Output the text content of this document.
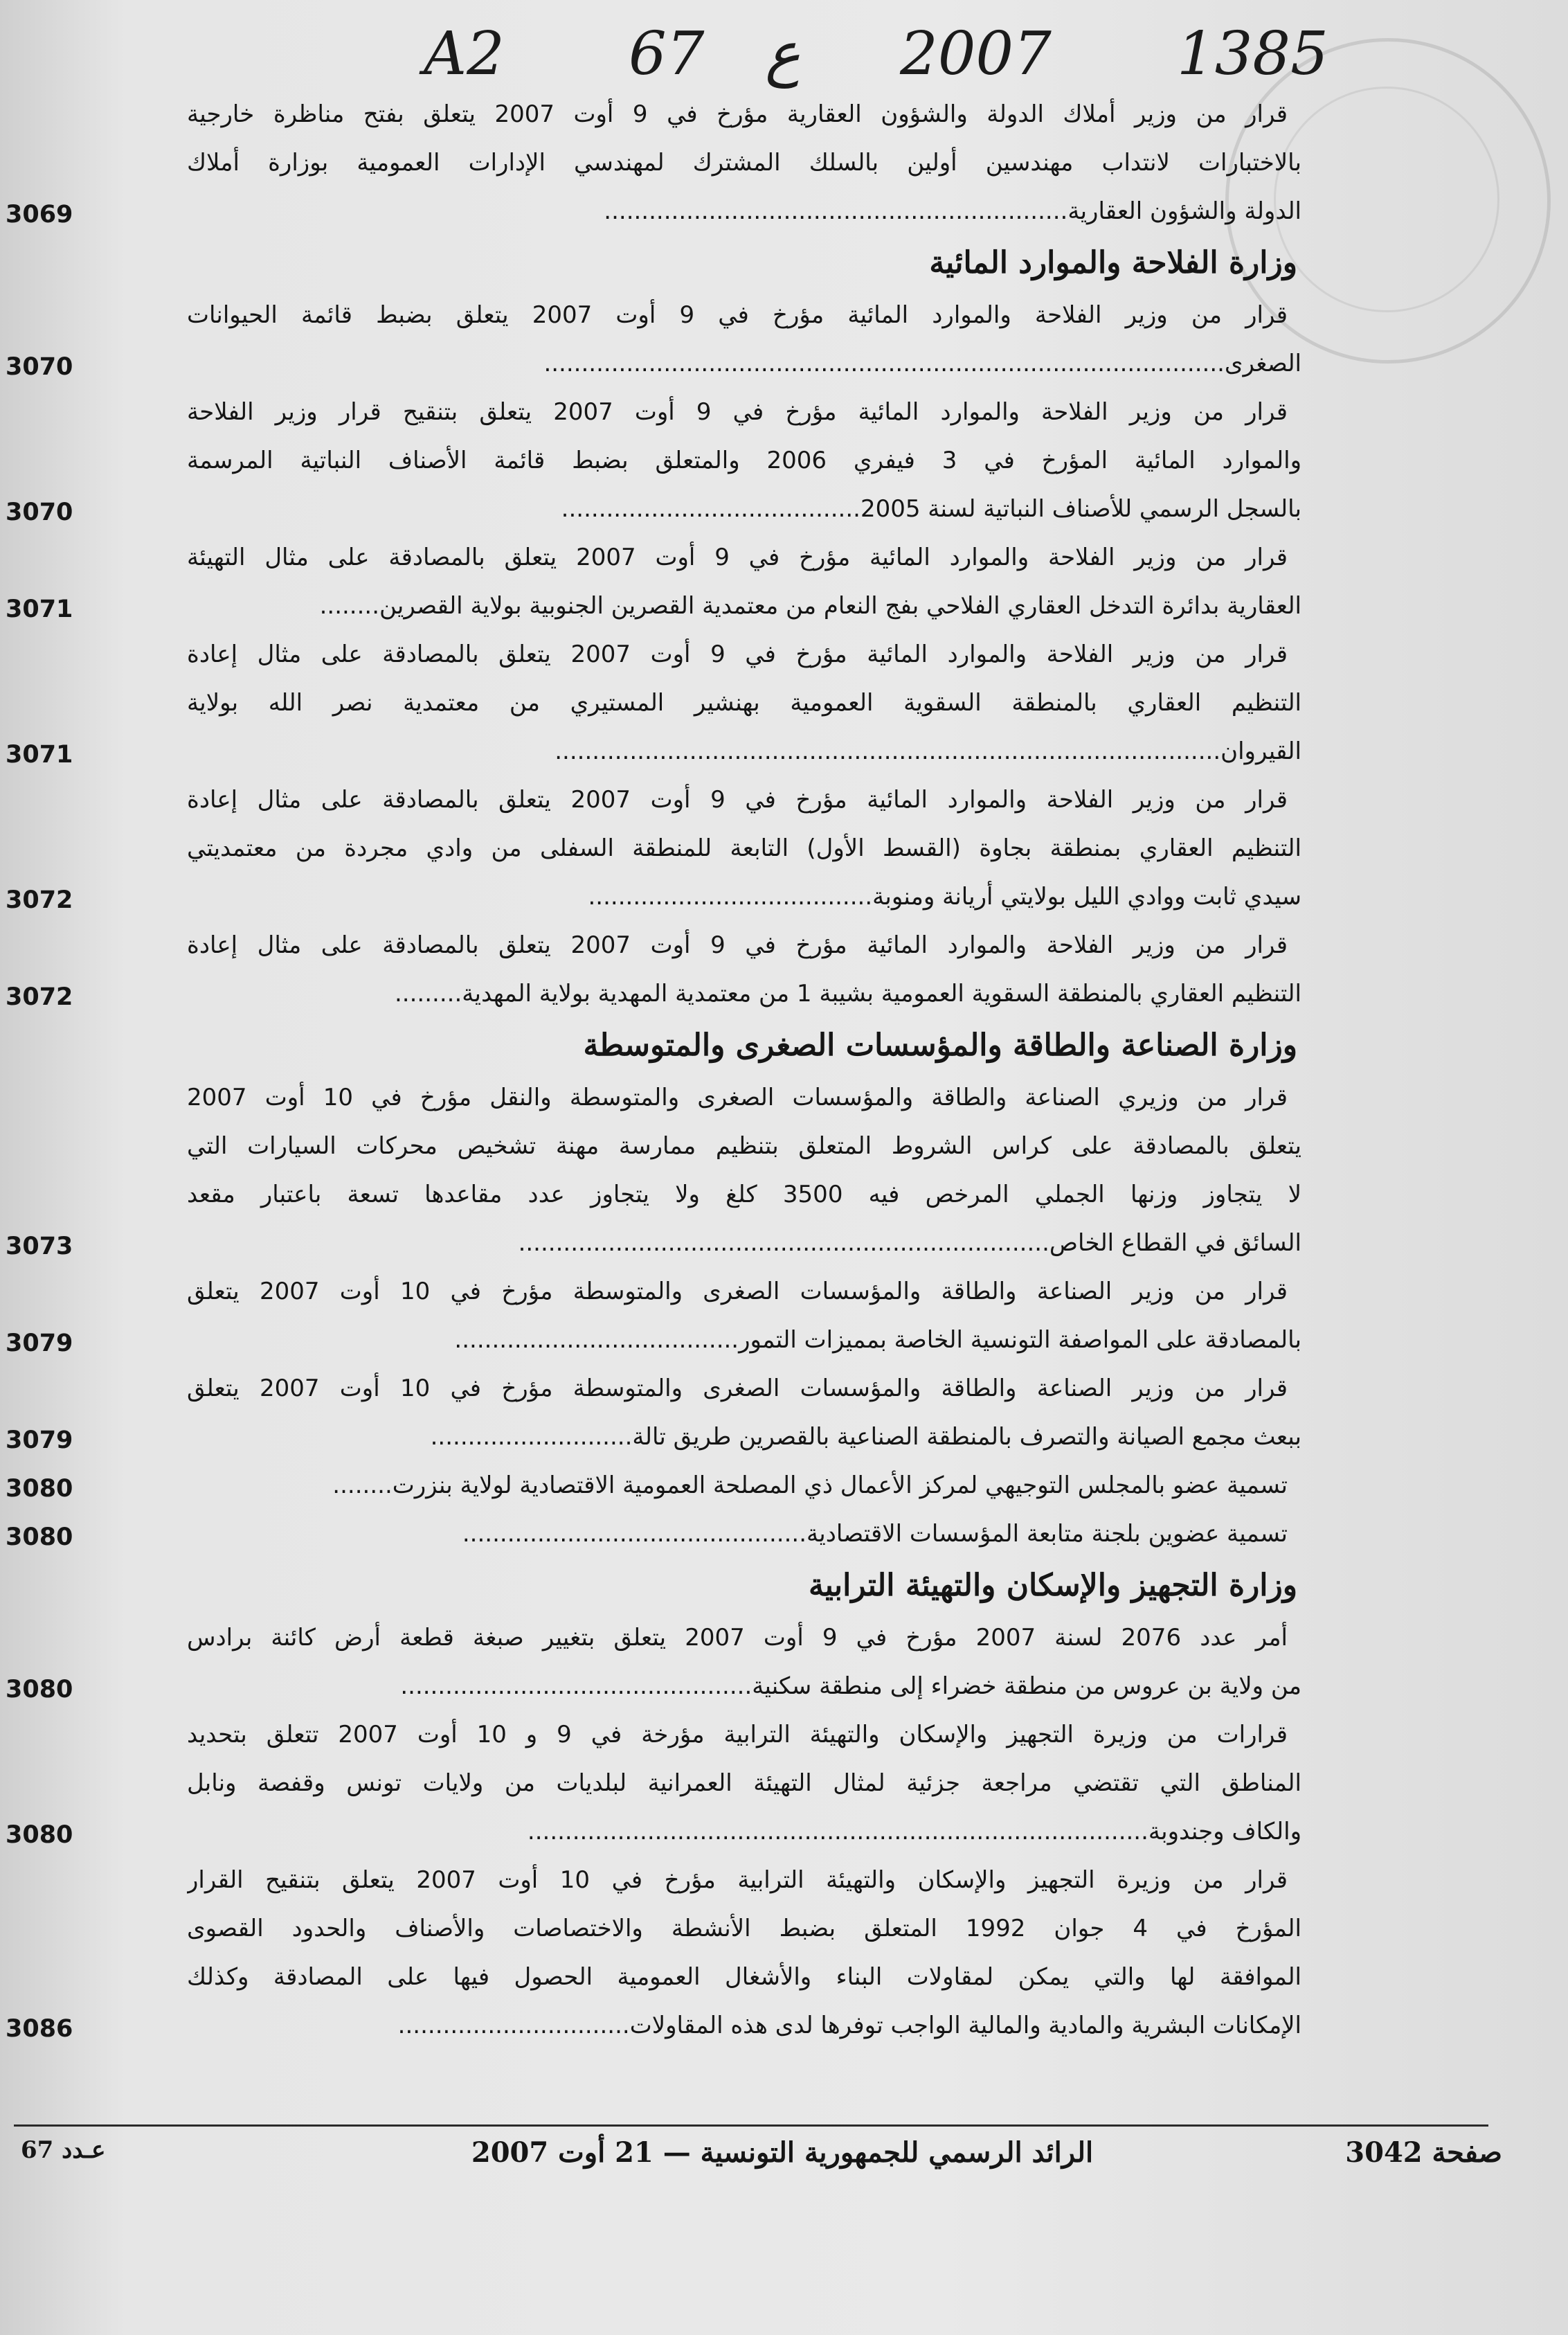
A2 67 ع 2007 1385
قرار من وزير أملاك الدولة والشؤون العقارية مؤرخ في 9 أوت 2007 يتعلق بفتح مناظرة خارجية
بالاختبارات لانتداب مهندسين أولين بالسلك المشترك لمهندسي الإدارات العمومية بوزارة أملاك
الدولة والشؤون العقارية..............................................................
3069
وزارة الفلاحة والموارد المائية
قرار من وزير الفلاحة والموارد المائية مؤرخ في 9 أوت 2007 يتعلق بضبط قائمة الحيوانات
الصغرى...........................................................................................
3070
قرار من وزير الفلاحة والموارد المائية مؤرخ في 9 أوت 2007 يتعلق بتنقيح قرار وزير الفلاحة
والموارد المائية المؤرخ في 3 فيفري 2006 والمتعلق بضبط قائمة الأصناف النباتية المرسمة
بالسجل الرسمي للأصناف النباتية لسنة 2005........................................
3070
قرار من وزير الفلاحة والموارد المائية مؤرخ في 9 أوت 2007 يتعلق بالمصادقة على مثال التهيئة
العقارية بدائرة التدخل العقاري الفلاحي بفج النعام من معتمدية القصرين الجنوبية بولاية القصرين........
3071
قرار من وزير الفلاحة والموارد المائية مؤرخ في 9 أوت 2007 يتعلق بالمصادقة على مثال إعادة
التنظيم العقاري بالمنطقة السقوية العمومية بهنشير المستيري من معتمدية نصر الله بولاية
القيروان.........................................................................................
3071
قرار من وزير الفلاحة والموارد المائية مؤرخ في 9 أوت 2007 يتعلق بالمصادقة على مثال إعادة
التنظيم العقاري بمنطقة بجاوة (القسط الأول) التابعة للمنطقة السفلى من وادي مجردة من معتمديتي
سيدي ثابت ووادي الليل بولايتي أريانة ومنوبة......................................
3072
قرار من وزير الفلاحة والموارد المائية مؤرخ في 9 أوت 2007 يتعلق بالمصادقة على مثال إعادة
التنظيم العقاري بالمنطقة السقوية العمومية بشيبة 1 من معتمدية المهدية بولاية المهدية.........
3072
وزارة الصناعة والطاقة والمؤسسات الصغرى والمتوسطة
قرار من وزيري الصناعة والطاقة والمؤسسات الصغرى والمتوسطة والنقل مؤرخ في 10 أوت 2007
يتعلق بالمصادقة على كراس الشروط المتعلق بتنظيم ممارسة مهنة تشخيص محركات السيارات التي
لا يتجاوز وزنها الجملي المرخص فيه 3500 كلغ ولا يتجاوز عدد مقاعدها تسعة باعتبار مقعد
السائق في القطاع الخاص.......................................................................
3073
قرار من وزير الصناعة والطاقة والمؤسسات الصغرى والمتوسطة مؤرخ في 10 أوت 2007 يتعلق
بالمصادقة على المواصفة التونسية الخاصة بمميزات التمور......................................
3079
قرار من وزير الصناعة والطاقة والمؤسسات الصغرى والمتوسطة مؤرخ في 10 أوت 2007 يتعلق
ببعث مجمع الصيانة والتصرف بالمنطقة الصناعية بالقصرين طريق تالة...........................
3079
تسمية عضو بالمجلس التوجيهي لمركز الأعمال ذي المصلحة العمومية الاقتصادية لولاية بنزرت........
3080
تسمية عضوين بلجنة متابعة المؤسسات الاقتصادية..............................................
3080
وزارة التجهيز والإسكان والتهيئة الترابية
أمر عدد 2076 لسنة 2007 مؤرخ في 9 أوت 2007 يتعلق بتغيير صبغة قطعة أرض كائنة برادس
من ولاية بن عروس من منطقة خضراء إلى منطقة سكنية...............................................
3080
قرارات من وزيرة التجهيز والإسكان والتهيئة الترابية مؤرخة في 9 و 10 أوت 2007 تتعلق بتحديد
المناطق التي تقتضي مراجعة جزئية لمثال التهيئة العمرانية لبلديات من ولايات تونس وقفصة ونابل
والكاف وجندوبة...................................................................................
3080
قرار من وزيرة التجهيز والإسكان والتهيئة الترابية مؤرخ في 10 أوت 2007 يتعلق بتنقيح القرار
المؤرخ في 4 جوان 1992 المتعلق بضبط الأنشطة والاختصاصات والأصناف والحدود القصوى
الموافقة لها والتي يمكن لمقاولات البناء والأشغال العمومية الحصول فيها على المصادقة وكذلك
الإمكانات البشرية والمادية والمالية الواجب توفرها لدى هذه المقاولات...............................
3086
صفحة 3042
الرائد الرسمي للجمهورية التونسية — 21 أوت 2007
عـدد 67
